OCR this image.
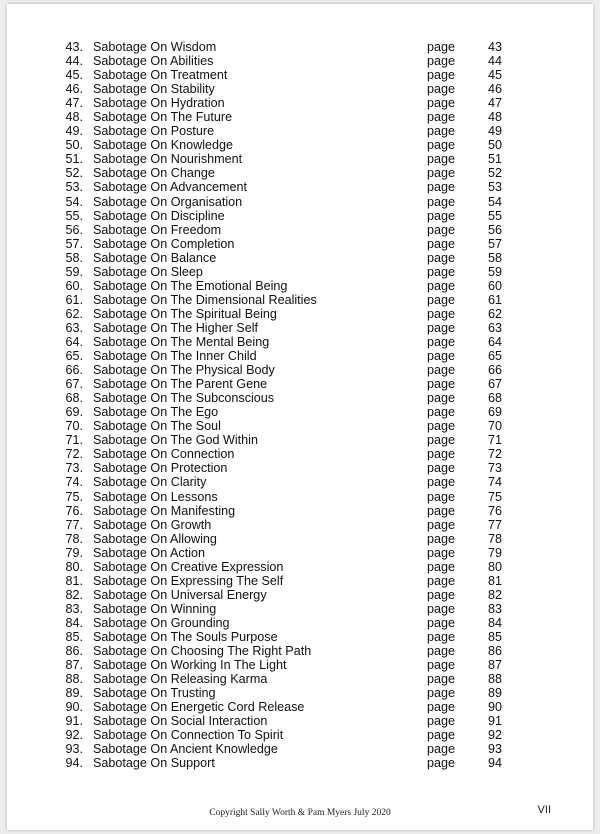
43. Sabotage On Wisdom	page	43
44. Sabotage On Abilities	page	44
45. Sabotage On Treatment	page	45
46. Sabotage On Stability	page	46
47. Sabotage On Hydration	page	47
48. Sabotage On The Future	page	48
49. Sabotage On Posture	page	49
50. Sabotage On Knowledge	page	50
51. Sabotage On Nourishment	page	51
52. Sabotage On Change	page	52
53. Sabotage On Advancement	page	53
54. Sabotage On Organisation	page	54
55. Sabotage On Discipline	page	55
56. Sabotage On Freedom	page	56
57. Sabotage On Completion	page	57
58. Sabotage On Balance	page	58
59. Sabotage On Sleep	page	59
60. Sabotage On The Emotional Being	page	60
61. Sabotage On The Dimensional Realities	page	61
62. Sabotage On The Spiritual Being	page	62
63. Sabotage On The Higher Self	page	63
64. Sabotage On The Mental Being	page	64
65. Sabotage On The Inner Child	page	65
66. Sabotage On The Physical Body	page	66
67. Sabotage On The Parent Gene	page	67
68. Sabotage On The Subconscious	page	68
69. Sabotage On The Ego	page	69
70. Sabotage On The Soul	page	70
71. Sabotage On The God Within	page	71
72. Sabotage On Connection	page	72
73. Sabotage On Protection	page	73
74. Sabotage On Clarity	page	74
75. Sabotage On Lessons	page	75
76. Sabotage On Manifesting	page	76
77. Sabotage On Growth	page	77
78. Sabotage On Allowing	page	78
79. Sabotage On Action	page	79
80. Sabotage On Creative Expression	page	80
81. Sabotage On Expressing The Self	page	81
82. Sabotage On Universal Energy	page	82
83. Sabotage On Winning	page	83
84. Sabotage On Grounding	page	84
85. Sabotage On The Souls Purpose	page	85
86. Sabotage On Choosing The Right Path	page	86
87. Sabotage On Working In The Light	page	87
88. Sabotage On Releasing Karma	page	88
89. Sabotage On Trusting	page	89
90. Sabotage On Energetic Cord Release	page	90
91. Sabotage On Social Interaction	page	91
92. Sabotage On Connection To Spirit	page	92
93. Sabotage On Ancient Knowledge	page	93
94. Sabotage On Support	page	94
Copyright Sally Worth & Pam Myers July 2020	VII
